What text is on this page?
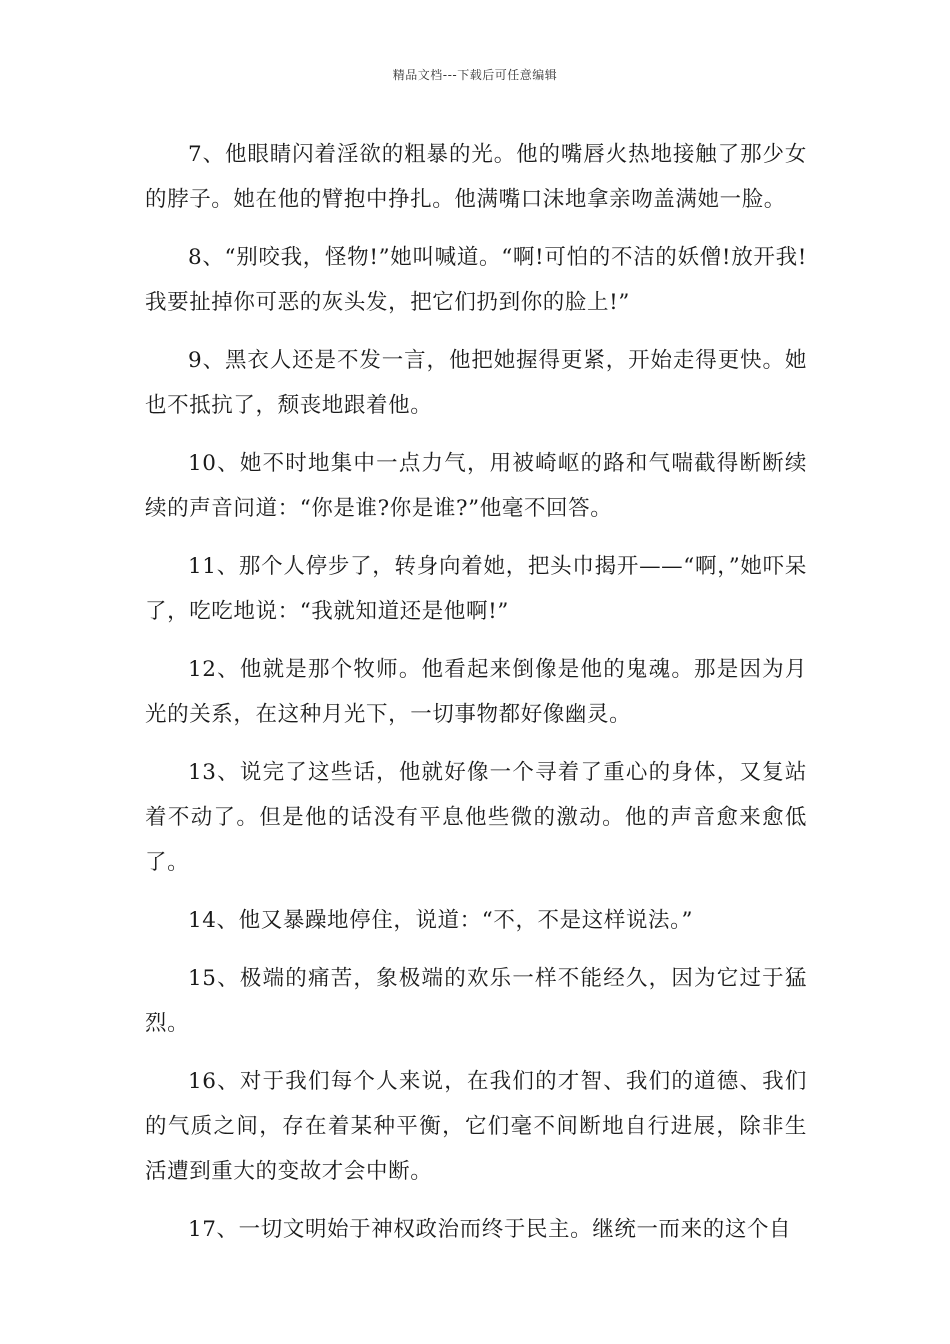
精品文档---下载后可任意编辑

7、他眼睛闪着淫欲的粗暴的光。他的嘴唇火热地接触了那少女的脖子。她在他的臂抱中挣扎。他满嘴口沫地拿亲吻盖满她一脸。

8、“别咬我，怪物!”她叫喊道。“啊!可怕的不洁的妖僧!放开我!我要扯掉你可恶的灰头发，把它们扔到你的脸上!”

9、黑衣人还是不发一言，他把她握得更紧，开始走得更快。她也不抵抗了，颓丧地跟着他。

10、她不时地集中一点力气，用被崎岖的路和气喘截得断断续续的声音问道：“你是谁?你是谁?”他毫不回答。

11、那个人停步了，转身向着她，把头巾揭开——“啊，”她吓呆了，吃吃地说：“我就知道还是他啊!”

12、他就是那个牧师。他看起来倒像是他的鬼魂。那是因为月光的关系，在这种月光下，一切事物都好像幽灵。

13、说完了这些话，他就好像一个寻着了重心的身体，又复站着不动了。但是他的话没有平息他些微的激动。他的声音愈来愈低了。

14、他又暴躁地停住，说道：“不，不是这样说法。”

15、极端的痛苦，象极端的欢乐一样不能经久，因为它过于猛烈。

16、对于我们每个人来说，在我们的才智、我们的道德、我们的气质之间，存在着某种平衡，它们毫不间断地自行进展，除非生活遭到重大的变故才会中断。

17、一切文明始于神权政治而终于民主。继统一而来的这个自
